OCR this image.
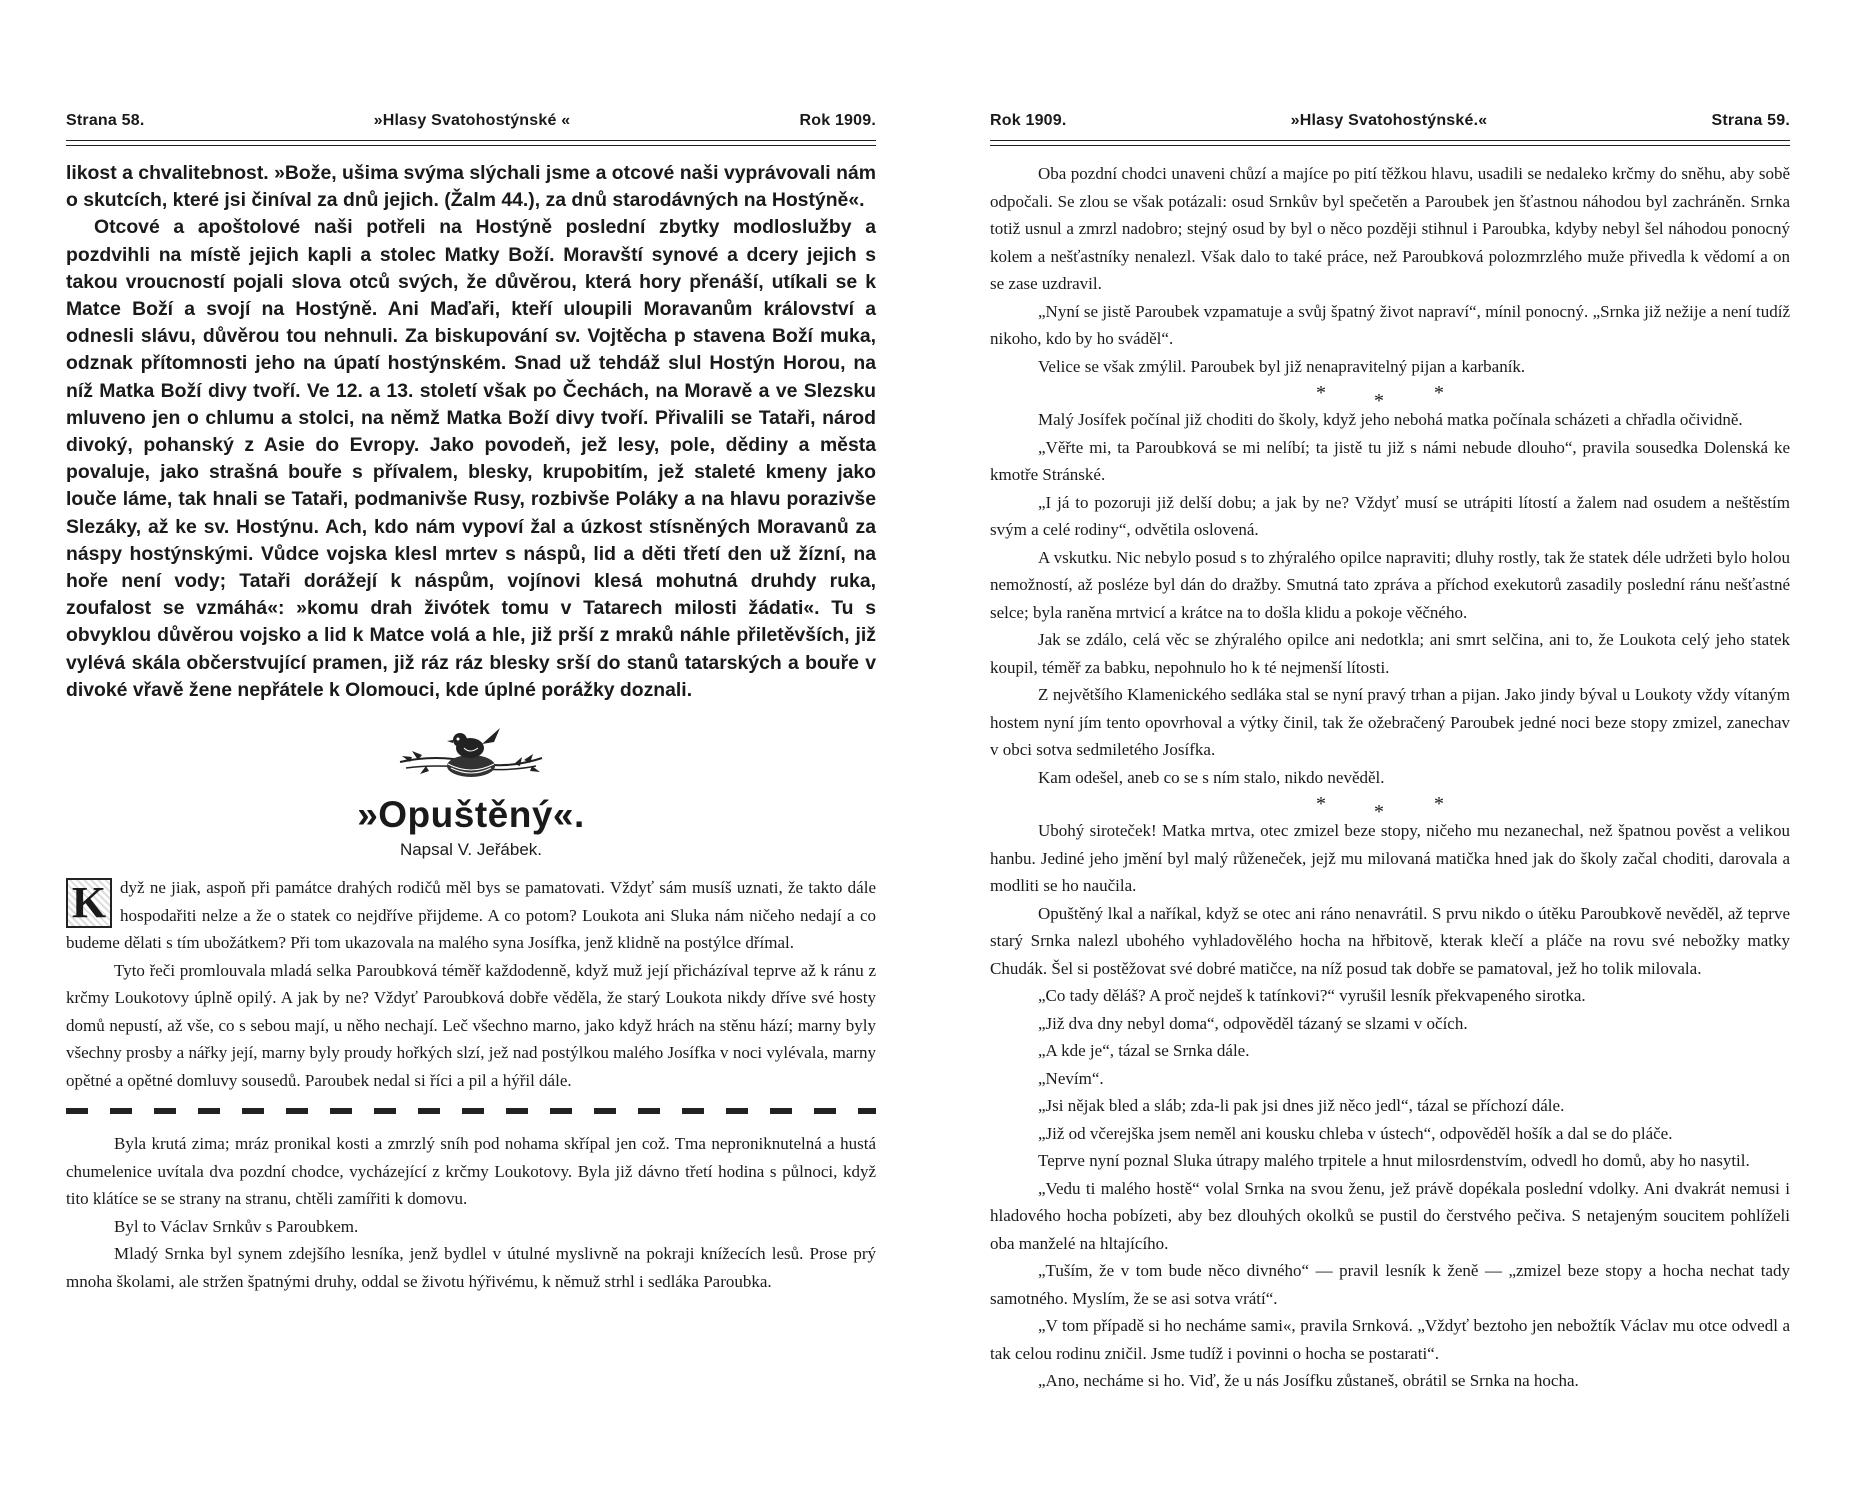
Strana 58.	»Hlasy Svatohostýnské «	Rok 1909.

likost a chvalitebnost. »Bože, ušima svýma slýchali jsme a otcové naši vyprávovali nám o skutcích, které jsi činíval za dnů jejich. (Žalm 44.), za dnů starodávných na Hostýně«.

Otcové a apoštolové naši potřeli na Hostýně poslední zbytky modloslužby a pozdvihli na místě jejich kapli a stolec Matky Boží. Moravští synové a dcery jejich s takou vroucností pojali slova otců svých, že důvěrou, která hory přenáší, utíkali se k Matce Boží a svojí na Hostýně. Ani Maďaři, kteří uloupili Moravanům království a odnesli slávu, důvěrou tou nehnuli. Za biskupování sv. Vojtěcha p stavena Boží muka, odznak přítomnosti jeho na úpatí hostýnském. Snad už tehdáž slul Hostýn Horou, na níž Matka Boží divy tvoří. Ve 12. a 13. století však po Čechách, na Moravě a ve Slezsku mluveno jen o chlumu a stolci, na němž Matka Boží divy tvoří. Přivalili se Tataři, národ divoký, pohanský z Asie do Evropy. Jako povodeň, jež lesy, pole, dědiny a města povaluje, jako strašná bouře s přívalem, blesky, krupobitím, jež staleté kmeny jako louče láme, tak hnali se Tataři, podmanivše Rusy, rozbivše Poláky a na hlavu porazivše Slezáky, až ke sv. Hostýnu. Ach, kdo nám vypoví žal a úzkost stísněných Moravanů za náspy hostýnskými. Vůdce vojska klesl mrtev s náspů, lid a děti třetí den už žízní, na hoře není vody; Tataři dorážejí k náspům, vojínovi klesá mohutná druhdy ruka, zoufalost se vzmáhá«: »komu drah živótek tomu v Tatarech milosti žádati«. Tu s obvyklou důvěrou vojsko a lid k Matce volá a hle, již prší z mraků náhle přiletěvších, již vylévá skála občerstvující pramen, již ráz ráz blesky srší do stanů tatarských a bouře v divoké vřavě žene nepřátele k Olomouci, kde úplné porážky doznali.

»Opuštěný«.
Napsal V. Jeřábek.

K dyž ne jiak, aspoň při památce drahých rodičů měl bys se pamatovati. Vždyť sám musíš uznati, že takto dále hospodařiti nelze a že o statek co nejdříve přijdeme. A co potom? Loukota ani Sluka nám ničeho nedají a co budeme dělati s tím ubožátkem? Při tom ukazovala na malého syna Josífka, jenž klidně na postýlce dřímal.

Tyto řeči promlouvala mladá selka Paroubková téměř každodenně, když muž její přicházíval teprve až k ránu z krčmy Loukotovy úplně opilý. A jak by ne? Vždyť Paroubková dobře věděla, že starý Loukota nikdy dříve své hosty domů nepustí, až vše, co s sebou mají, u něho nechají. Leč všechno marno, jako když hrách na stěnu hází; marny byly všechny prosby a nářky její, marny byly proudy hořkých slzí, jež nad postýlkou malého Josífka v noci vylévala, marny opětné a opětné domluvy sousedů. Paroubek nedal si říci a pil a hýřil dále.

Byla krutá zima; mráz pronikal kosti a zmrzlý sníh pod nohama skřípal jen což. Tma neproniknutelná a hustá chumelenice uvítala dva pozdní chodce, vycházející z krčmy Loukotovy. Byla již dávno třetí hodina s půlnoci, když tito klátíce se se strany na stranu, chtěli zamířiti k domovu.

Byl to Václav Srnkův s Paroubkem.

Mladý Srnka byl synem zdejšího lesníka, jenž bydlel v útulné myslivně na pokraji knížecích lesů. Prose prý mnoha školami, ale stržen špatnými druhy, oddal se životu hýřivému, k němuž strhl i sedláka Paroubka.

Rok 1909.	»Hlasy Svatohostýnské.«	Strana 59.

Oba pozdní chodci unaveni chůzí a majíce po pití těžkou hlavu, usadili se nedaleko krčmy do sněhu, aby sobě odpočali. Se zlou se však potázali: osud Srnkův byl spečetěn a Paroubek jen šťastnou náhodou byl zachráněn. Srnka totiž usnul a zmrzl nadobro; stejný osud by byl o něco později stihnul i Paroubka, kdyby nebyl šel náhodou ponocný kolem a nešťastníky nenalezl. Však dalo to také práce, než Paroubková polozmrzlého muže přivedla k vědomí a on se zase uzdravil.

„Nyní se jistě Paroubek vzpamatuje a svůj špatný život napraví“, mínil ponocný. „Srnka již nežije a není tudíž nikoho, kdo by ho sváděl“.

Velice se však zmýlil. Paroubek byl již nenapravitelný pijan a karbaník.

* *	*

Malý Josífek počínal již choditi do školy, když jeho nebohá matka počínala scházeti a chřadla očividně.

„Věřte mi, ta Paroubková se mi nelíbí; ta jistě tu již s námi nebude dlouho“, pravila sousedka Dolenská ke kmotře Stránské.

„I já to pozoruji již delší dobu; a jak by ne? Vždyť musí se utrápiti lítostí a žalem nad osudem a neštěstím svým a celé rodiny“, odvětila oslovená.

A vskutku. Nic nebylo posud s to zhýralého opilce napraviti; dluhy rostly, tak že statek déle udržeti bylo holou nemožností, až posléze byl dán do dražby. Smutná tato zpráva a příchod exekutorů zasadily poslední ránu nešťastné selce; byla raněna mrtvicí a krátce na to došla klidu a pokoje věčného.

Jak se zdálo, celá věc se zhýralého opilce ani nedotkla; ani smrt selčina, ani to, že Loukota celý jeho statek koupil, téměř za babku, nepohnulo ho k té nejmenší lítosti.

Z největšího Klamenického sedláka stal se nyní pravý trhan a pijan. Jako jindy býval u Loukoty vždy vítaným hostem nyní jím tento opovrhoval a výtky činil, tak že ožebračený Paroubek jedné noci beze stopy zmizel, zanechav v obci sotva sedmiletého Josífka.

Kam odešel, aneb co se s ním stalo, nikdo nevěděl.

* *	*

Ubohý siroteček! Matka mrtva, otec zmizel beze stopy, ničeho mu nezanechal, než špatnou pověst a velikou hanbu. Jediné jeho jmění byl malý růženeček, jejž mu milovaná matička hned jak do školy začal choditi, darovala a modliti se ho naučila.

Opuštěný lkal a naříkal, když se otec ani ráno nenavrátil. S prvu nikdo o útěku Paroubkově nevěděl, až teprve starý Srnka nalezl ubohého vyhladovělého hocha na hřbitově, kterak klečí a pláče na rovu své nebožky matky Chudák. Šel si postěžovat své dobré matičce, na níž posud tak dobře se pamatoval, jež ho tolik milovala.

„Co tady děláš? A proč nejdeš k tatínkovi?“ vyrušil lesník překvapeného sirotka.

„Již dva dny nebyl doma“, odpověděl tázaný se slzami v očích.

„A kde je“, tázal se Srnka dále.

„Nevím“.

„Jsi nějak bled a sláb; zda-li pak jsi dnes již něco jedl“, tázal se příchozí dále.

„Již od včerejška jsem neměl ani kousku chleba v ústech“, odpověděl hošík a dal se do pláče.

Teprve nyní poznal Sluka útrapy malého trpitele a hnut milosrdenstvím, odvedl ho domů, aby ho nasytil.

„Vedu ti malého hostě“ volal Srnka na svou ženu, jež právě dopékala poslední vdolky. Ani dvakrát nemusi i hladového hocha pobízeti, aby bez dlouhých okolků se pustil do čerstvého pečiva. S netajeným soucitem pohlíželi oba manželé na hltajícího.

„Tuším, že v tom bude něco divného“ — pravil lesník k ženě — „zmizel beze stopy a hocha nechat tady samotného. Myslím, že se asi sotva vrátí“.

„V tom případě si ho necháme sami«, pravila Srnková. „Vždyť beztoho jen nebožtík Václav mu otce odvedl a tak celou rodinu zničil. Jsme tudíž i povinni o hocha se postarati“.

„Ano, necháme si ho. Viď, že u nás Josífku zůstaneš, obrátil se Srnka na hocha.
